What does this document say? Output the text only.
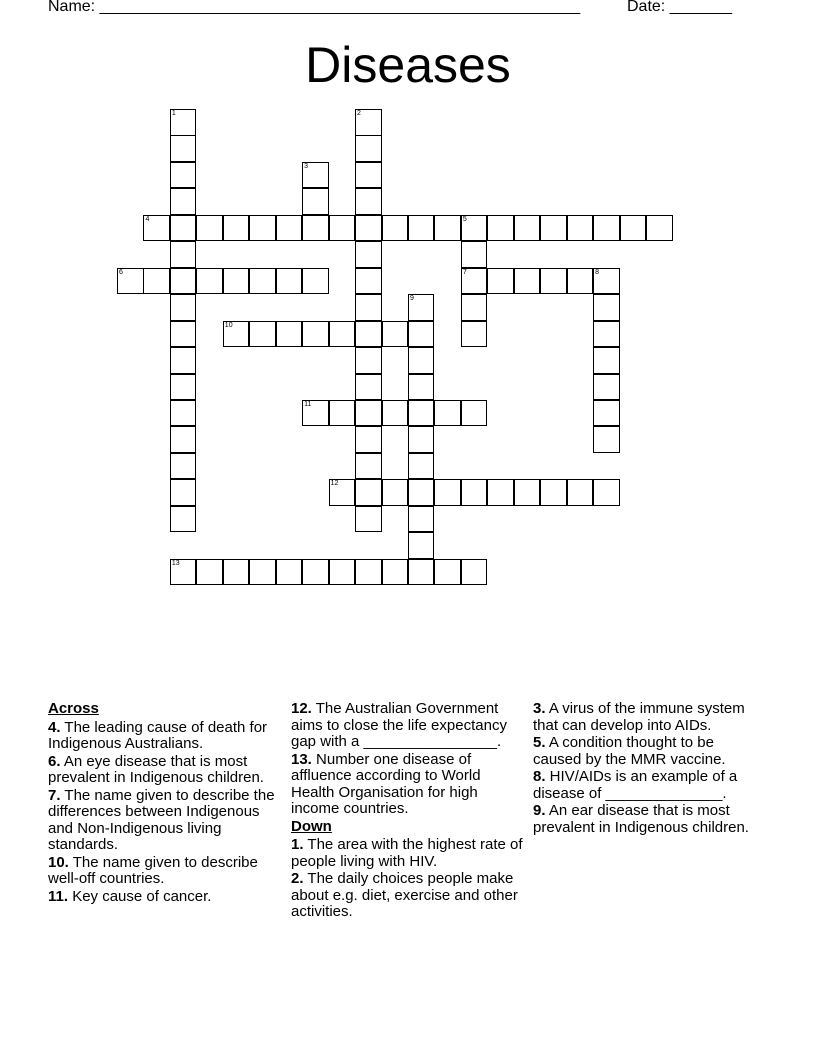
Name: ______________________________________________________	Date: _______
Diseases
1	2
3
4	5
6	7	8
9
10
11
12
13
Across
4. The leading cause of death for Indigenous Australians.
6. An eye disease that is most prevalent in Indigenous children.
7. The name given to describe the differences between Indigenous and Non-Indigenous living standards.
10. The name given to describe well-off countries.
11. Key cause of cancer.
12. The Australian Government aims to close the life expectancy gap with a ________________.
13. Number one disease of affluence according to World Health Organisation for high income countries.
Down
1. The area with the highest rate of people living with HIV.
2. The daily choices people make about e.g. diet, exercise and other activities.
3. A virus of the immune system that can develop into AIDs.
5. A condition thought to be caused by the MMR vaccine.
8. HIV/AIDs is an example of a disease of ______________.
9. An ear disease that is most prevalent in Indigenous children.
